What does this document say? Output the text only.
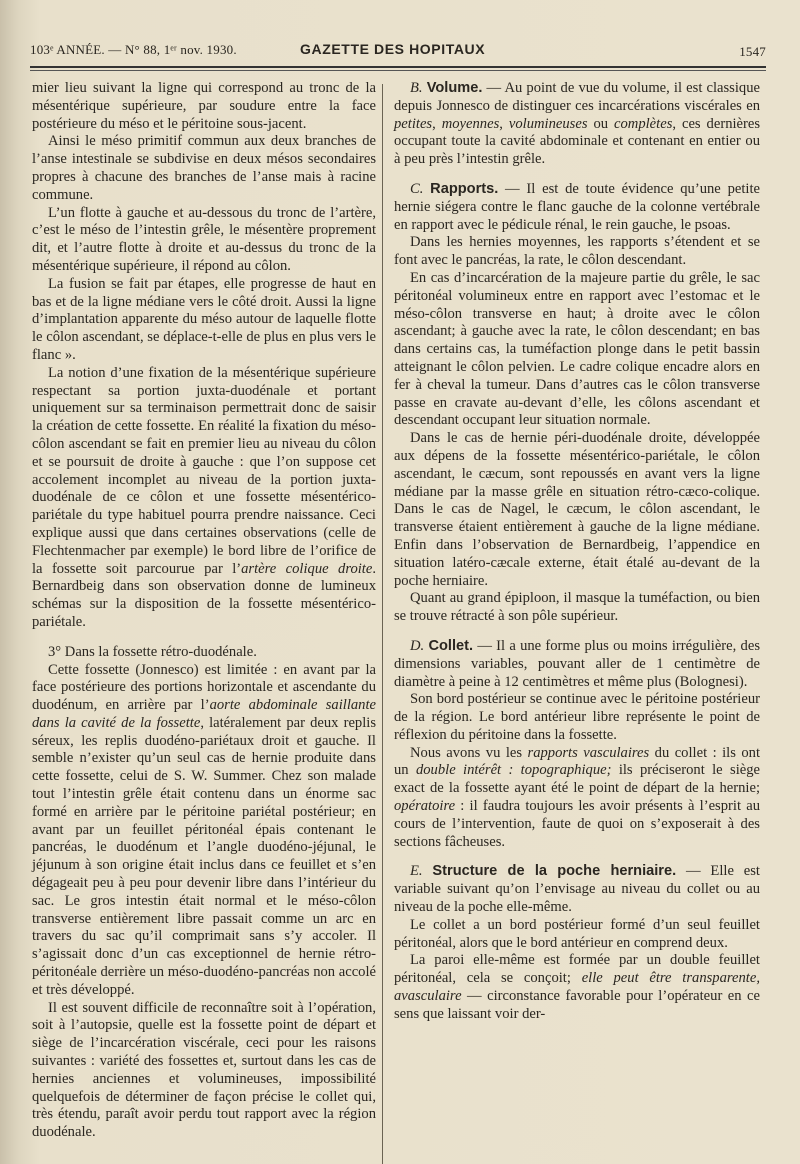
103ᵉ ANNÉE. — N° 88, 1ᵉʳ nov. 1930.	GAZETTE DES HOPITAUX	1547

mier lieu suivant la ligne qui correspond au tronc de la mésentérique supérieure, par soudure entre la face postérieure du méso et le péritoine sous-jacent.

Ainsi le méso primitif commun aux deux branches de l’anse intestinale se subdivise en deux mésos secondaires propres à chacune des branches de l’anse mais à racine commune.

L’un flotte à gauche et au-dessous du tronc de l’artère, c’est le méso de l’intestin grêle, le mésentère proprement dit, et l’autre flotte à droite et au-dessus du tronc de la mésentérique supérieure, il répond au côlon.

La fusion se fait par étapes, elle progresse de haut en bas et de la ligne médiane vers le côté droit. Aussi la ligne d’implantation apparente du méso autour de laquelle flotte le côlon ascendant, se déplace-t-elle de plus en plus vers le flanc ».

La notion d’une fixation de la mésentérique supérieure respectant sa portion juxta-duodénale et portant uniquement sur sa terminaison permettrait donc de saisir la création de cette fossette. En réalité la fixation du méso-côlon ascendant se fait en premier lieu au niveau du côlon et se poursuit de droite à gauche : que l’on suppose cet accolement incomplet au niveau de la portion juxta-duodénale de ce côlon et une fossette mésentérico-pariétale du type habituel pourra prendre naissance. Ceci explique aussi que dans certaines observations (celle de Flechtenmacher par exemple) le bord libre de l’orifice de la fossette soit parcourue par l’artère colique droite. Bernardbeig dans son observation donne de lumineux schémas sur la disposition de la fossette mésentérico-pariétale.

3° Dans la fossette rétro-duodénale.

Cette fossette (Jonnesco) est limitée : en avant par la face postérieure des portions horizontale et ascendante du duodénum, en arrière par l’aorte abdominale saillante dans la cavité de la fossette, latéralement par deux replis séreux, les replis duodéno-pariétaux droit et gauche. Il semble n’exister qu’un seul cas de hernie produite dans cette fossette, celui de S. W. Summer. Chez son malade tout l’intestin grêle était contenu dans un énorme sac formé en arrière par le péritoine pariétal postérieur; en avant par un feuillet péritonéal épais contenant le pancréas, le duodénum et l’angle duodéno-jéjunal, le jéjunum à son origine était inclus dans ce feuillet et s’en dégageait peu à peu pour devenir libre dans l’intérieur du sac. Le gros intestin était normal et le méso-côlon transverse entièrement libre passait comme un arc en travers du sac qu’il comprimait sans s’y accoler. Il s’agissait donc d’un cas exceptionnel de hernie rétro-péritonéale derrière un méso-duodéno-pancréas non accolé et très développé.

Il est souvent difficile de reconnaître soit à l’opération, soit à l’autopsie, quelle est la fossette point de départ et siège de l’incarcération viscérale, ceci pour les raisons suivantes : variété des fossettes et, surtout dans les cas de hernies anciennes et volumineuses, impossibilité quelquefois de déterminer de façon précise le collet qui, très étendu, paraît avoir perdu tout rapport avec la région duodénale.

B. Volume. — Au point de vue du volume, il est classique depuis Jonnesco de distinguer ces incarcérations viscérales en petites, moyennes, volumineuses ou complètes, ces dernières occupant toute la cavité abdominale et contenant en entier ou à peu près l’intestin grêle.

C. Rapports. — Il est de toute évidence qu’une petite hernie siégera contre le flanc gauche de la colonne vertébrale en rapport avec le pédicule rénal, le rein gauche, le psoas.

Dans les hernies moyennes, les rapports s’étendent et se font avec le pancréas, la rate, le côlon descendant.

En cas d’incarcération de la majeure partie du grêle, le sac péritonéal volumineux entre en rapport avec l’estomac et le méso-côlon transverse en haut; à droite avec le côlon ascendant; à gauche avec la rate, le côlon descendant; en bas dans certains cas, la tuméfaction plonge dans le petit bassin atteignant le côlon pelvien. Le cadre colique encadre alors en fer à cheval la tumeur. Dans d’autres cas le côlon transverse passe en cravate au-devant d’elle, les côlons ascendant et descendant occupant leur situation normale.

Dans le cas de hernie péri-duodénale droite, développée aux dépens de la fossette mésentérico-pariétale, le côlon ascendant, le cæcum, sont repoussés en avant vers la ligne médiane par la masse grêle en situation rétro-cæco-colique. Dans le cas de Nagel, le cæcum, le côlon ascendant, le transverse étaient entièrement à gauche de la ligne médiane. Enfin dans l’observation de Bernardbeig, l’appendice en situation latéro-cæcale externe, était étalé au-devant de la poche herniaire.

Quant au grand épiploon, il masque la tuméfaction, ou bien se trouve rétracté à son pôle supérieur.

D. Collet. — Il a une forme plus ou moins irrégulière, des dimensions variables, pouvant aller de 1 centimètre de diamètre à peine à 12 centimètres et même plus (Bolognesi).

Son bord postérieur se continue avec le péritoine postérieur de la région. Le bord antérieur libre représente le point de réflexion du péritoine dans la fossette.

Nous avons vu les rapports vasculaires du collet : ils ont un double intérêt : topographique; ils préciseront le siège exact de la fossette ayant été le point de départ de la hernie; opératoire : il faudra toujours les avoir présents à l’esprit au cours de l’intervention, faute de quoi on s’exposerait à des sections fâcheuses.

E. Structure de la poche herniaire. — Elle est variable suivant qu’on l’envisage au niveau du collet ou au niveau de la poche elle-même.

Le collet a un bord postérieur formé d’un seul feuillet péritonéal, alors que le bord antérieur en comprend deux.

La paroi elle-même est formée par un double feuillet péritonéal, cela se conçoit; elle peut être transparente, avasculaire — circonstance favorable pour l’opérateur en ce sens que laissant voir der-
